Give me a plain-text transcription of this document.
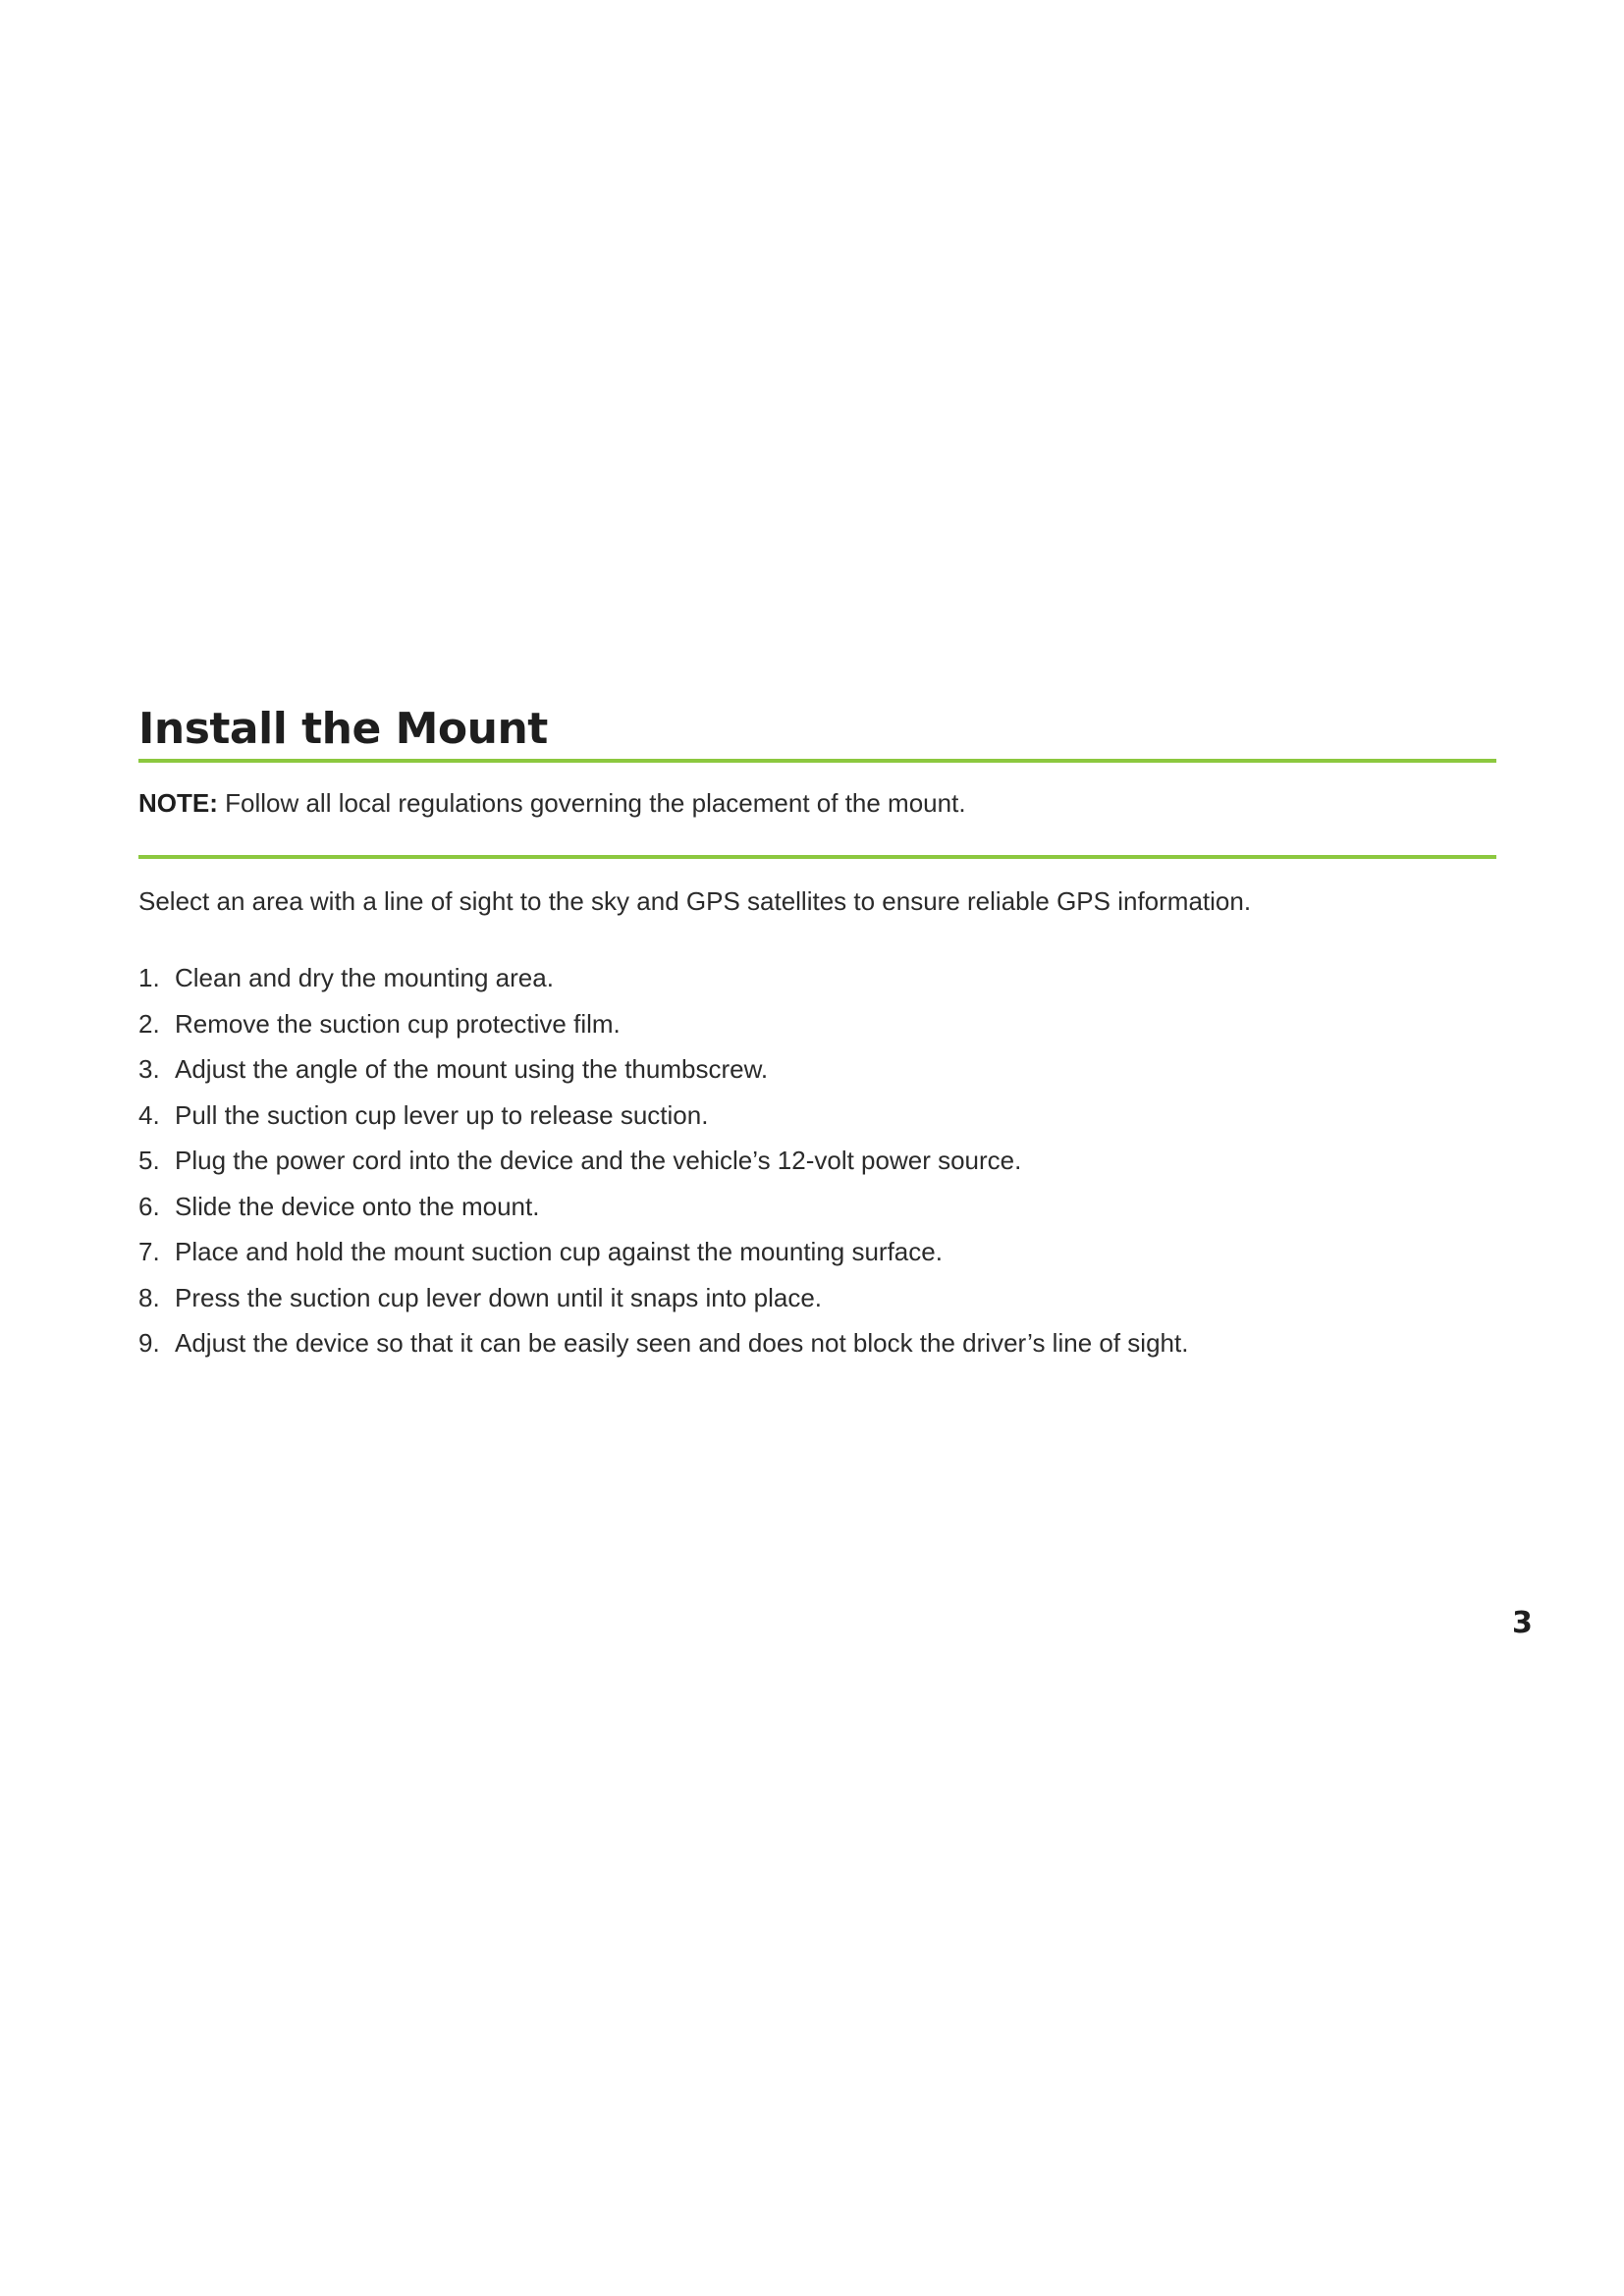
Install the Mount

NOTE: Follow all local regulations governing the placement of the mount.

Select an area with a line of sight to the sky and GPS satellites to ensure reliable GPS information.

1. Clean and dry the mounting area.
2. Remove the suction cup protective film.
3. Adjust the angle of the mount using the thumbscrew.
4. Pull the suction cup lever up to release suction.
5. Plug the power cord into the device and the vehicle’s 12-volt power source.
6. Slide the device onto the mount.
7. Place and hold the mount suction cup against the mounting surface.
8. Press the suction cup lever down until it snaps into place.
9. Adjust the device so that it can be easily seen and does not block the driver’s line of sight.
3
